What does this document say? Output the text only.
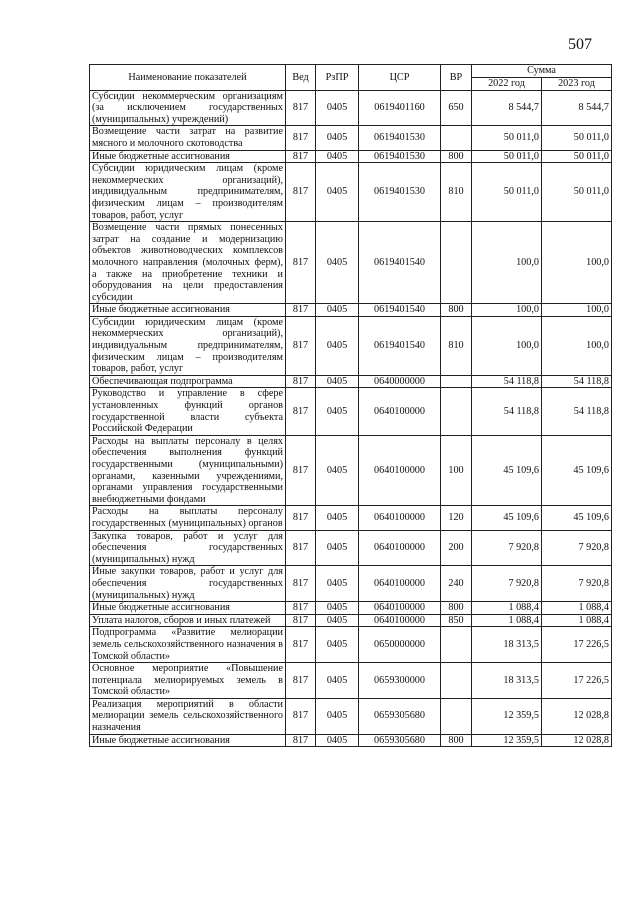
507
Наименование показателей	Вед	РзПР	ЦСР	ВР	Сумма	
					2022 год	2023 год
Субсидии некоммерческим организациям (за исключением государственных (муниципальных) учреждений)	817	0405	0619401160	650	8 544,7	8 544,7
Возмещение части затрат на развитие мясного и молочного скотоводства	817	0405	0619401530		50 011,0	50 011,0
Иные бюджетные ассигнования	817	0405	0619401530	800	50 011,0	50 011,0
Субсидии юридическим лицам (кроме некоммерческих организаций), индивидуальным предпринимателям, физическим лицам – производителям товаров, работ, услуг	817	0405	0619401530	810	50 011,0	50 011,0
Возмещение части прямых понесенных затрат на создание и модернизацию объектов животноводческих комплексов молочного направления (молочных ферм), а также на приобретение техники и оборудования на цели предоставления субсидии	817	0405	0619401540		100,0	100,0
Иные бюджетные ассигнования	817	0405	0619401540	800	100,0	100,0
Субсидии юридическим лицам (кроме некоммерческих организаций), индивидуальным предпринимателям, физическим лицам – производителям товаров, работ, услуг	817	0405	0619401540	810	100,0	100,0
Обеспечивающая подпрограмма	817	0405	0640000000		54 118,8	54 118,8
Руководство и управление в сфере установленных функций органов государственной власти субъекта Российской Федерации	817	0405	0640100000		54 118,8	54 118,8
Расходы на выплаты персоналу в целях обеспечения выполнения функций государственными (муниципальными) органами, казенными учреждениями, органами управления государственными внебюджетными фондами	817	0405	0640100000	100	45 109,6	45 109,6
Расходы на выплаты персоналу государственных (муниципальных) органов	817	0405	0640100000	120	45 109,6	45 109,6
Закупка товаров, работ и услуг для обеспечения государственных (муниципальных) нужд	817	0405	0640100000	200	7 920,8	7 920,8
Иные закупки товаров, работ и услуг для обеспечения государственных (муниципальных) нужд	817	0405	0640100000	240	7 920,8	7 920,8
Иные бюджетные ассигнования	817	0405	0640100000	800	1 088,4	1 088,4
Уплата налогов, сборов и иных платежей	817	0405	0640100000	850	1 088,4	1 088,4
Подпрограмма «Развитие мелиорации земель сельскохозяйственного назначения в Томской области»	817	0405	0650000000		18 313,5	17 226,5
Основное мероприятие «Повышение потенциала мелиорируемых земель в Томской области»	817	0405	0659300000		18 313,5	17 226,5
Реализация мероприятий в области мелиорации земель сельскохозяйственного назначения	817	0405	0659305680		12 359,5	12 028,8
Иные бюджетные ассигнования	817	0405	0659305680	800	12 359,5	12 028,8
